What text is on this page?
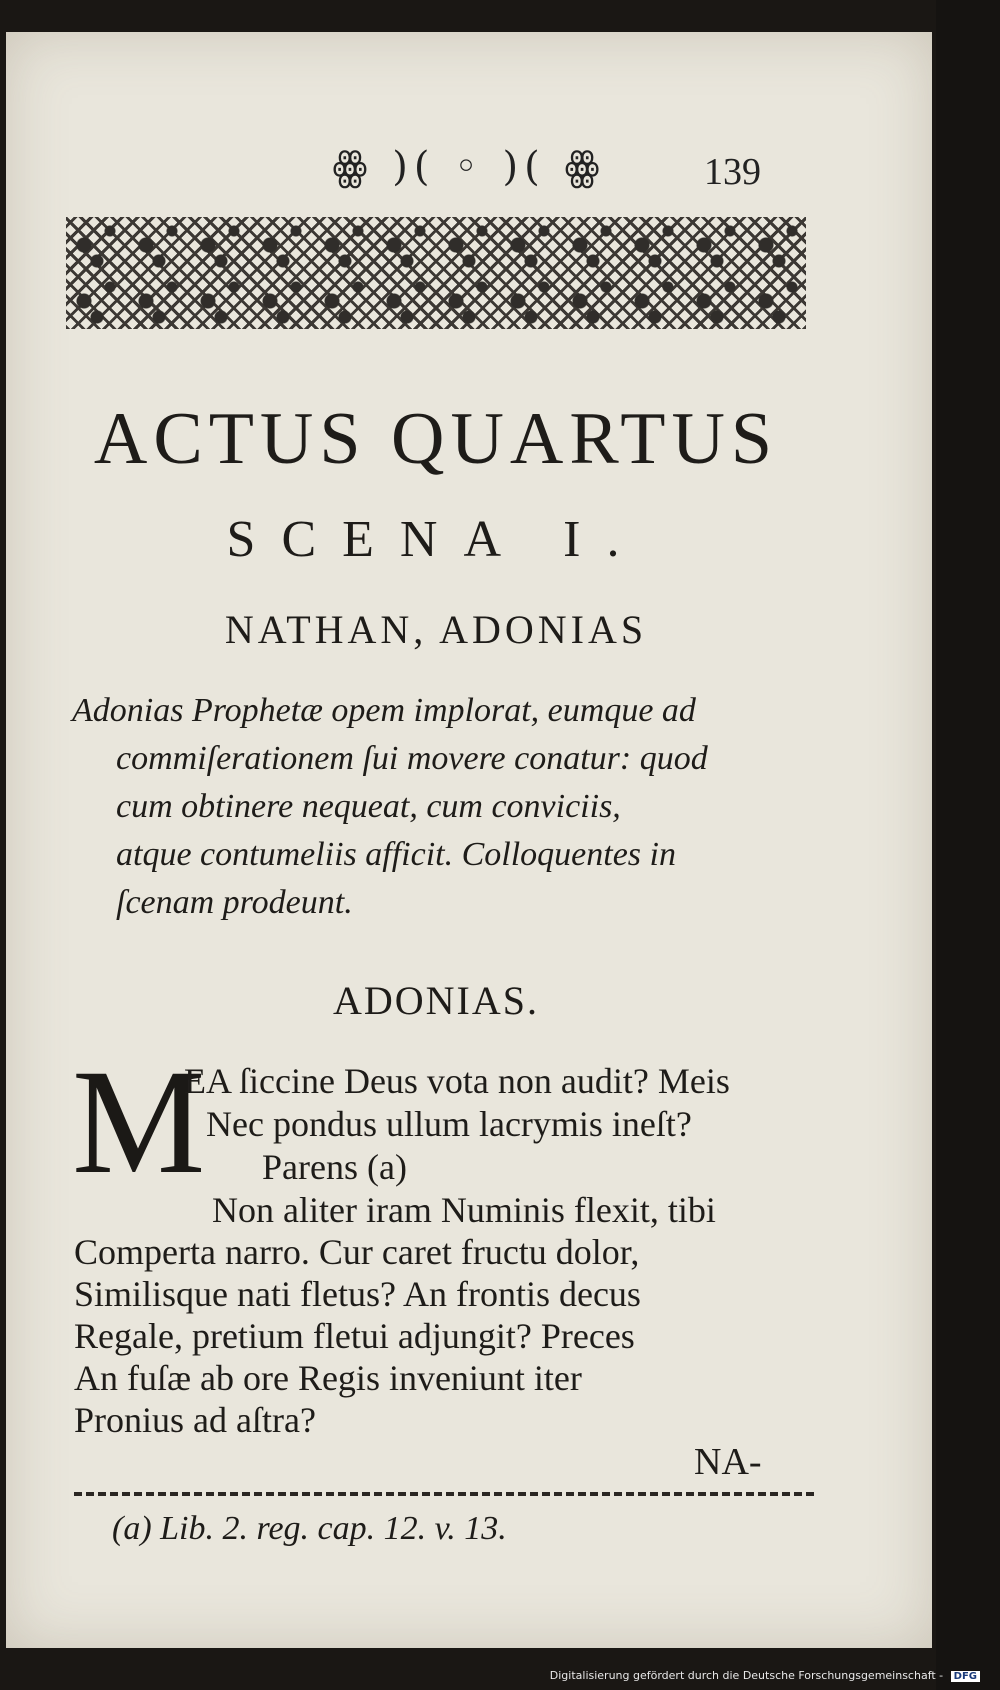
ꙮ )( ◦ )( ꙮ	139
ACTUS QUARTUS
SCENA I.
NATHAN, ADONIAS
Adonias Prophetæ opem implorat, eumque ad
commiſerationem ſui movere conatur: quod
cum obtinere nequeat, cum conviciis,
atque contumeliis afficit. Colloquentes in
ſcenam prodeunt.
ADONIAS.
M
EA ſiccine Deus vota non audit? Meis
Nec pondus ullum lacrymis ineſt?
Parens (a)
Non aliter iram Numinis flexit, tibi
Comperta narro. Cur caret fructu dolor,
Similisque nati fletus? An frontis decus
Regale, pretium fletui adjungit? Preces
An fuſæ ab ore Regis inveniunt iter
Pronius ad aſtra?
NA-
(a) Lib. 2. reg. cap. 12. v. 13.
Digitalisierung gefördert durch die Deutsche Forschungsgemeinschaft - DFG
